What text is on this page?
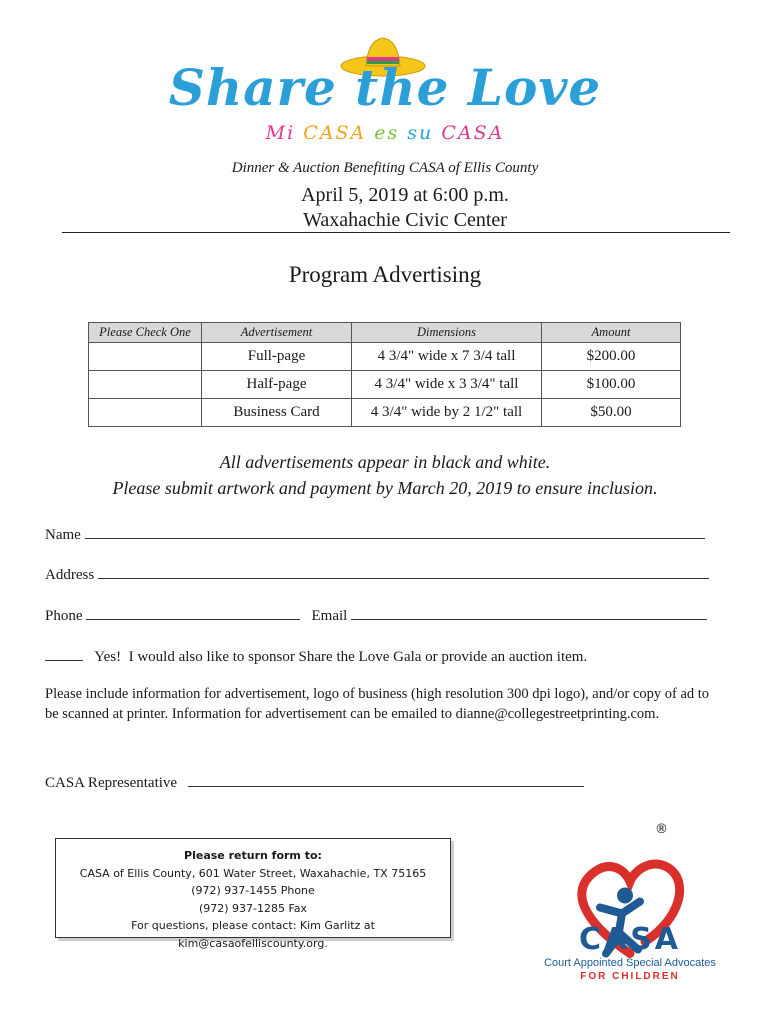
Share the Love
Mi CASA es su CASA
Dinner & Auction Benefiting CASA of Ellis County
April 5, 2019 at 6:00 p.m.
Waxahachie Civic Center
Program Advertising
Please Check One	Advertisement	Dimensions	Amount
	Full-page	4 3/4" wide x 7 3/4 tall	$200.00
	Half-page	4 3/4" wide x 3 3/4" tall	$100.00
	Business Card	4 3/4" wide by 2 1/2" tall	$50.00
All advertisements appear in black and white.
Please submit artwork and payment by March 20, 2019 to ensure inclusion.
Name
Address
Phone	Email
Yes!  I would also like to sponsor Share the Love Gala or provide an auction item.
Please include information for advertisement, logo of business (high resolution 300 dpi logo), and/or copy of ad to be scanned at printer. Information for advertisement can be emailed to dianne@collegestreetprinting.com.
CASA Representative
Please return form to:
CASA of Ellis County, 601 Water Street, Waxahachie, TX 75165
(972) 937-1455 Phone
(972) 937-1285 Fax
For questions, please contact: Kim Garlitz at kim@casaofelliscounty.org.
®
CASA
Court Appointed Special Advocates
FOR CHILDREN
